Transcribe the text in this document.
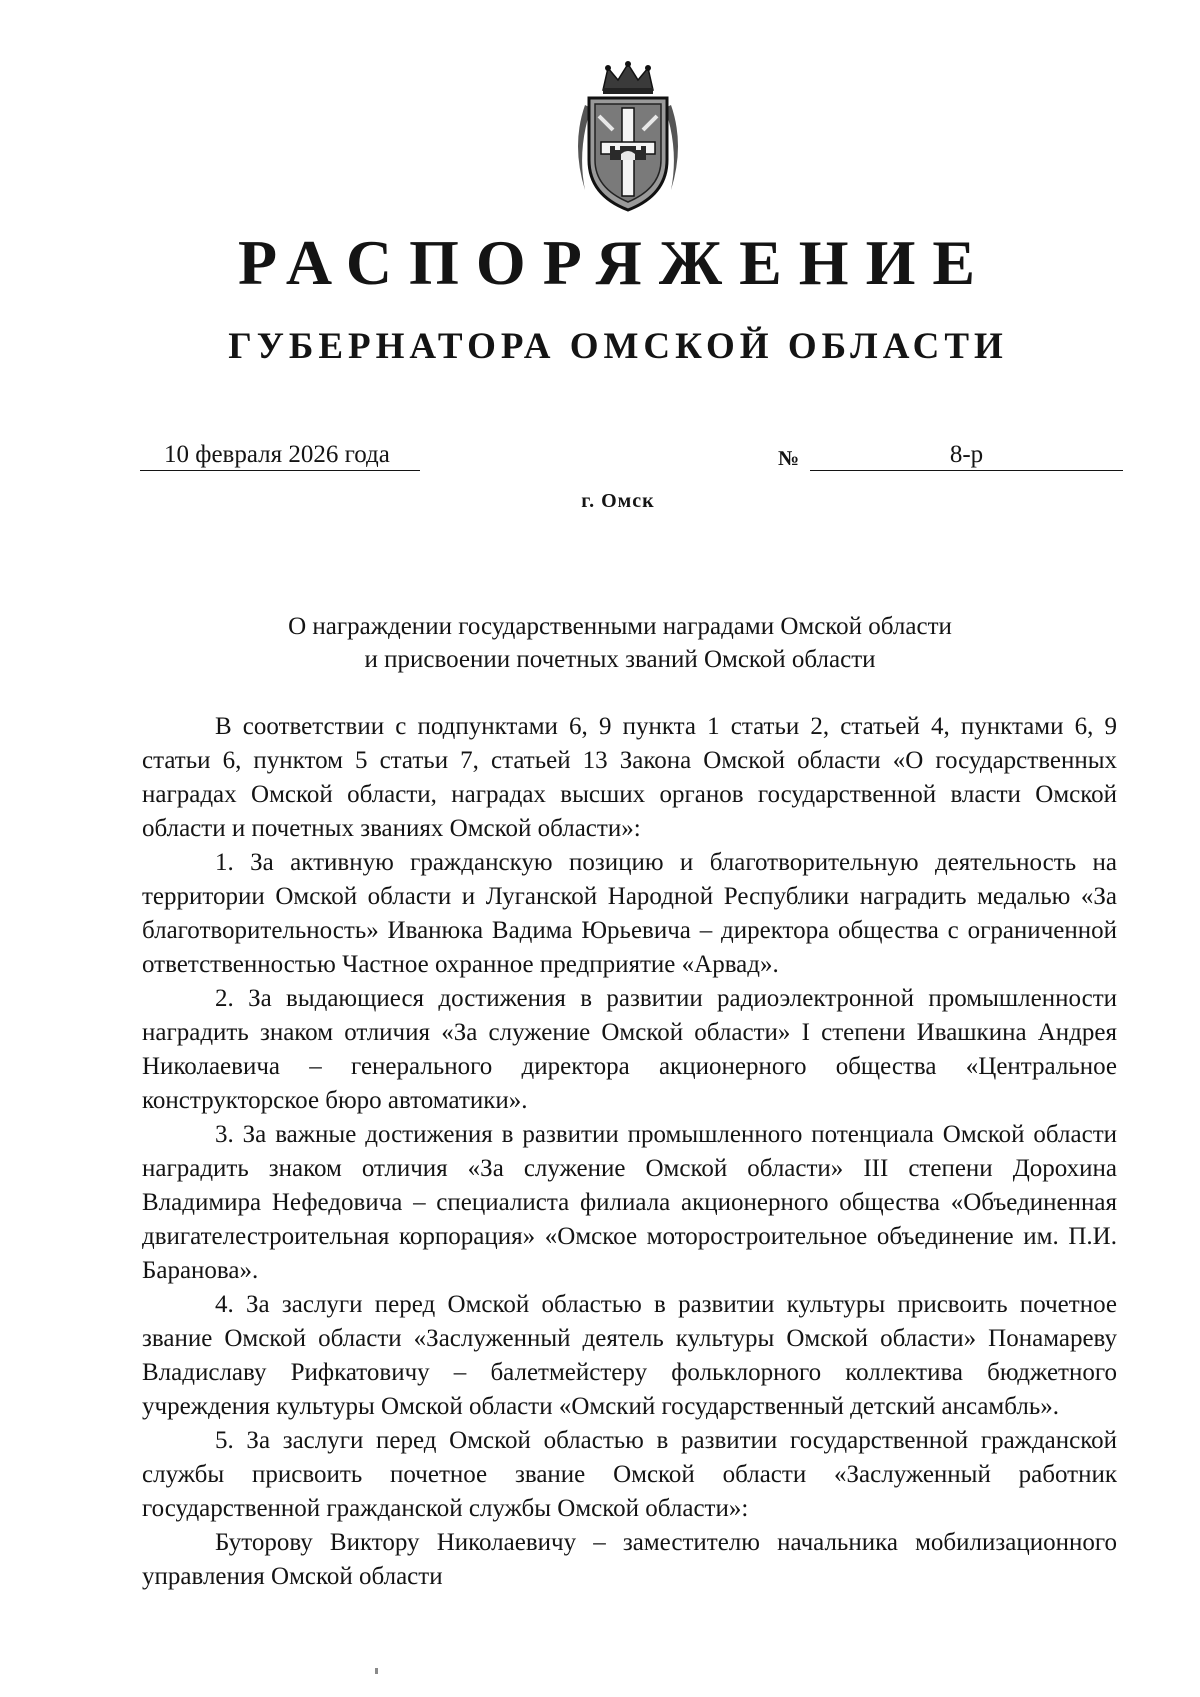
РАСПОРЯЖЕНИЕ
ГУБЕРНАТОРА ОМСКОЙ ОБЛАСТИ
10 февраля 2026 года	№	8-р
г. Омск
О награждении государственными наградами Омской области
и присвоении почетных званий Омской области

В соответствии с подпунктами 6, 9 пункта 1 статьи 2, статьей 4, пунктами 6, 9 статьи 6, пунктом 5 статьи 7, статьей 13 Закона Омской области «О государственных наградах Омской области, наградах высших органов государственной власти Омской области и почетных званиях Омской области»:

1. За активную гражданскую позицию и благотворительную деятельность на территории Омской области и Луганской Народной Республики наградить медалью «За благотворительность» Иванюка Вадима Юрьевича – директора общества с ограниченной ответственностью Частное охранное предприятие «Арвад».

2. За выдающиеся достижения в развитии радиоэлектронной промышленности наградить знаком отличия «За служение Омской области» I степени Ивашкина Андрея Николаевича – генерального директора акционерного общества «Центральное конструкторское бюро автоматики».

3. За важные достижения в развитии промышленного потенциала Омской области наградить знаком отличия «За служение Омской области» III степени Дорохина Владимира Нефедовича – специалиста филиала акционерного общества «Объединенная двигателестроительная корпорация» «Омское моторостроительное объединение им. П.И. Баранова».

4. За заслуги перед Омской областью в развитии культуры присвоить почетное звание Омской области «Заслуженный деятель культуры Омской области» Понамареву Владиславу Рифкатовичу – балетмейстеру фольклорного коллектива бюджетного учреждения культуры Омской области «Омский государственный детский ансамбль».

5. За заслуги перед Омской областью в развитии государственной гражданской службы присвоить почетное звание Омской области «Заслуженный работник государственной гражданской службы Омской области»:

Буторову Виктору Николаевичу – заместителю начальника мобилизационного управления Омской области
